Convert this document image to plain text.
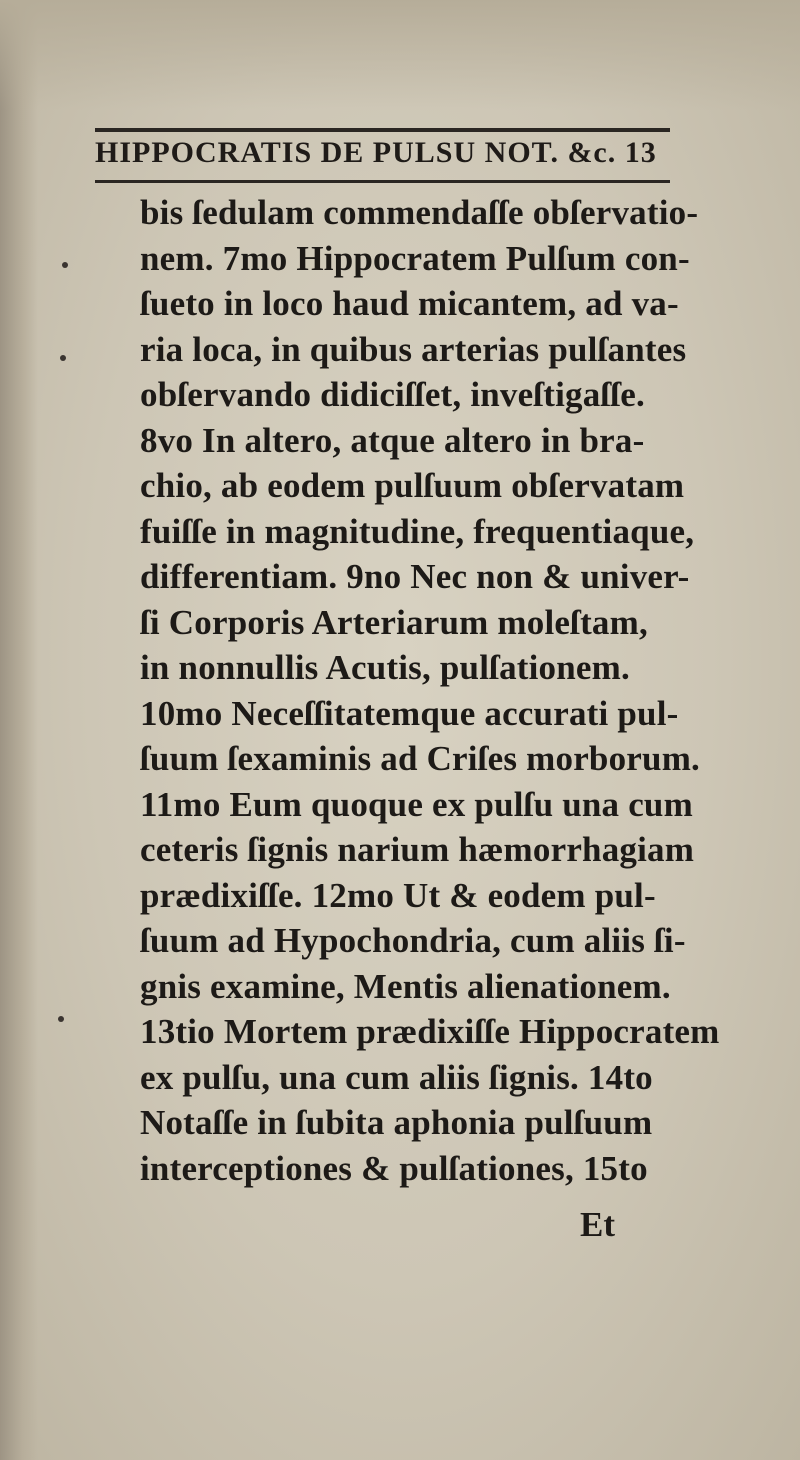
HIPPOCRATIS DE PULSU NOT. &c. 13
bis ſedulam commendaſſe obſervatio-
nem. 7mo Hippocratem Pulſum con-
ſueto in loco haud micantem, ad va-
ria loca, in quibus arterias pulſantes
obſervando didiciſſet, inveſtigaſſe.
8vo In altero, atque altero in bra-
chio, ab eodem pulſuum obſervatam
fuiſſe in magnitudine, frequentiaque,
differentiam. 9no Nec non & univer-
ſi Corporis Arteriarum moleſtam,
in nonnullis Acutis, pulſationem.
10mo Neceſſitatemque accurati pul-
ſuum ſexaminis ad Criſes morborum.
11mo Eum quoque ex pulſu una cum
ceteris ſignis narium hæmorrhagiam
prædixiſſe. 12mo Ut & eodem pul-
ſuum ad Hypochondria, cum aliis ſi-
gnis examine, Mentis alienationem.
13tio Mortem prædixiſſe Hippocratem
ex pulſu, una cum aliis ſignis. 14to
Notaſſe in ſubita aphonia pulſuum
interceptiones & pulſationes, 15to
Et
